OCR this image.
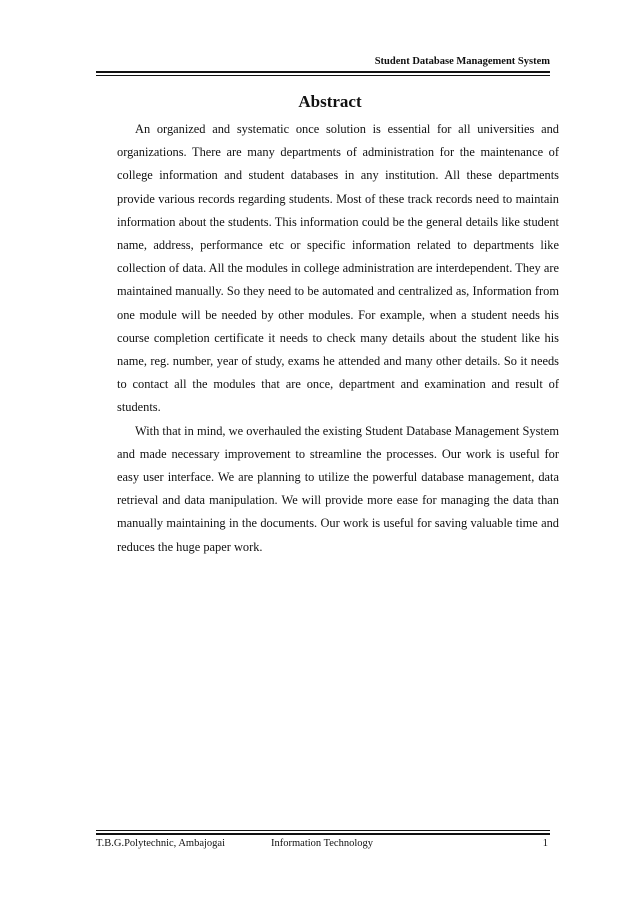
Student Database Management System
Abstract

An organized and systematic once solution is essential for all universities and organizations. There are many departments of administration for the maintenance of college information and student databases in any institution. All these departments provide various records regarding students. Most of these track records need to maintain information about the students. This information could be the general details like student name, address, performance etc or specific information related to departments like collection of data. All the modules in college administration are interdependent. They are maintained manually. So they need to be automated and centralized as, Information from one module will be needed by other modules. For example, when a student needs his course completion certificate it needs to check many details about the student like his name, reg. number, year of study, exams he attended and many other details. So it needs to contact all the modules that are once, department and examination and result of students.

With that in mind, we overhauled the existing Student Database Management System and made necessary improvement to streamline the processes. Our work is useful for easy user interface. We are planning to utilize the powerful database management, data retrieval and data manipulation. We will provide more ease for managing the data than manually maintaining in the documents. Our work is useful for saving valuable time and reduces the huge paper work.

T.B.G.Polytechnic, Ambajogai	Information Technology	1
